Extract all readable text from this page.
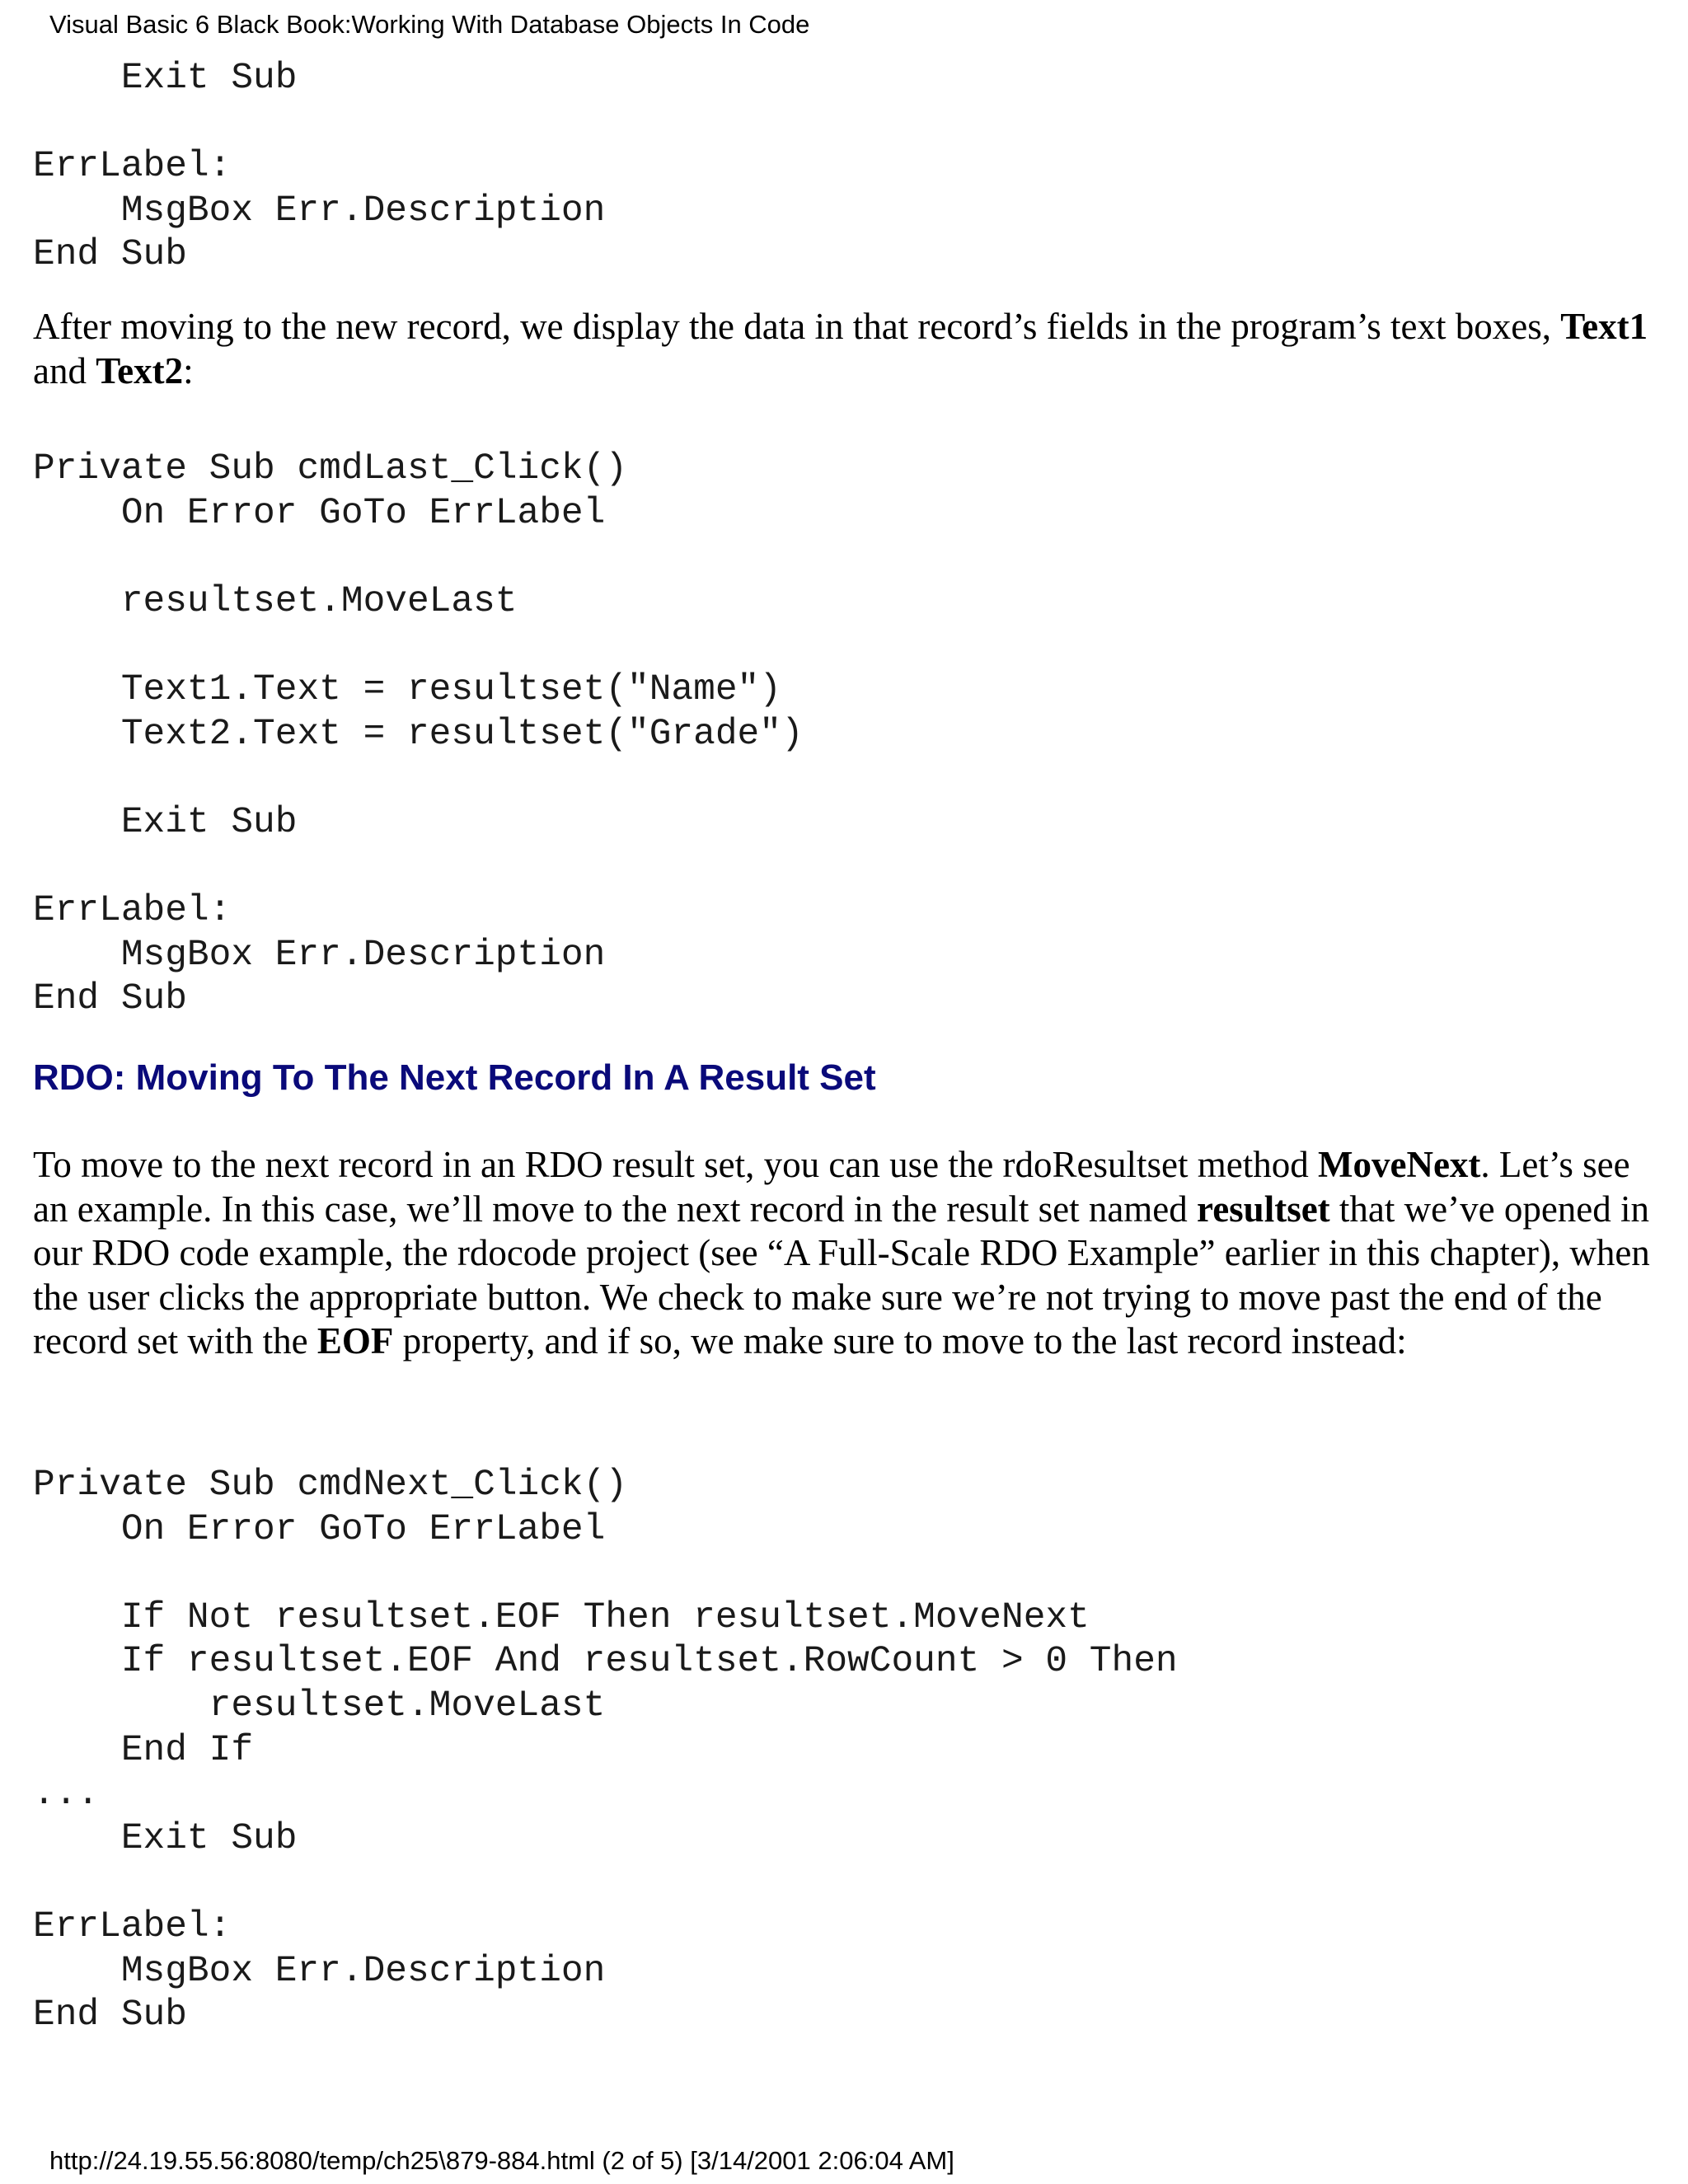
Visual Basic 6 Black Book:Working With Database Objects In Code
Exit Sub

ErrLabel:
MsgBox Err.Description
End Sub

After moving to the new record, we display the data in that record’s fields in the program’s text boxes, Text1 and Text2:

Private Sub cmdLast_Click()
On Error GoTo ErrLabel

resultset.MoveLast

Text1.Text = resultset("Name")
Text2.Text = resultset("Grade")

Exit Sub

ErrLabel:
MsgBox Err.Description
End Sub
RDO: Moving To The Next Record In A Result Set

To move to the next record in an RDO result set, you can use the rdoResultset method MoveNext. Let’s see an example. In this case, we’ll move to the next record in the result set named resultset that we’ve opened in our RDO code example, the rdocode project (see “A Full-Scale RDO Example” earlier in this chapter), when the user clicks the appropriate button. We check to make sure we’re not trying to move past the end of the record set with the EOF property, and if so, we make sure to move to the last record instead:

Private Sub cmdNext_Click()
On Error GoTo ErrLabel

If Not resultset.EOF Then resultset.MoveNext
If resultset.EOF And resultset.RowCount > 0 Then
resultset.MoveLast
End If
...
Exit Sub

ErrLabel:
MsgBox Err.Description
End Sub
http://24.19.55.56:8080/temp/ch25\879-884.html (2 of 5) [3/14/2001 2:06:04 AM]
